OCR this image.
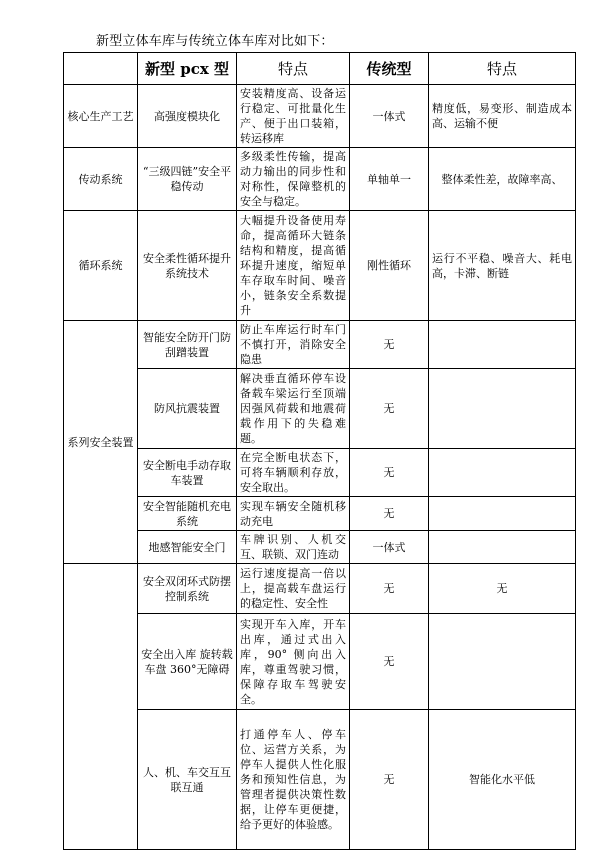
新型立体车库与传统立体车库对比如下：
	新型 pcx 型	特点	传统型	特点
核心生产工艺	高强度模块化	安装精度高、设备运行稳定、可批量化生产、便于出口装箱，转运移库	一体式	精度低，易变形、制造成本高、运输不便
传动系统	“三级四链”安全平稳传动	多级柔性传输，提高动力输出的同步性和对称性，保障整机的安全与稳定。	单轴单一	整体柔性差，故障率高、
循环系统	安全柔性循环提升系统技术	大幅提升设备使用寿命，提高循环大链条结构和精度，提高循环提升速度，缩短单车存取车时间、噪音小，链条安全系数提升	刚性循环	运行不平稳、噪音大、耗电高，卡滞、断链
系列安全装置	智能安全防开门防刮蹭装置	防止车库运行时车门不慎打开，消除安全隐患	无	
	防风抗震装置	解决垂直循环停车设备载车梁运行至顶端因强风荷载和地震荷载作用下的失稳难题。	无	
	安全断电手动存取车装置	在完全断电状态下，可将车辆顺利存放，安全取出。	无	
	安全智能随机充电系统	实现车辆安全随机移动充电	无	
	地感智能安全门	车牌识别、人机交互、联锁、双门连动	一体式	
	安全双闭环式防摆控制系统	运行速度提高一倍以上，提高载车盘运行的稳定性、安全性	无	无
	安全出入库 旋转载车盘 360°无障碍	实现开车入库，开车出库，通过式出入库，90° 侧向出入库，尊重驾驶习惯，保障存取车驾驶安全。	无	
	人、机、车交互互联互通	打通停车人、停车位、运营方关系，为停车人提供人性化服务和预知性信息，为管理者提供决策性数据，让停车更便捷，给予更好的体验感。	无	智能化水平低
